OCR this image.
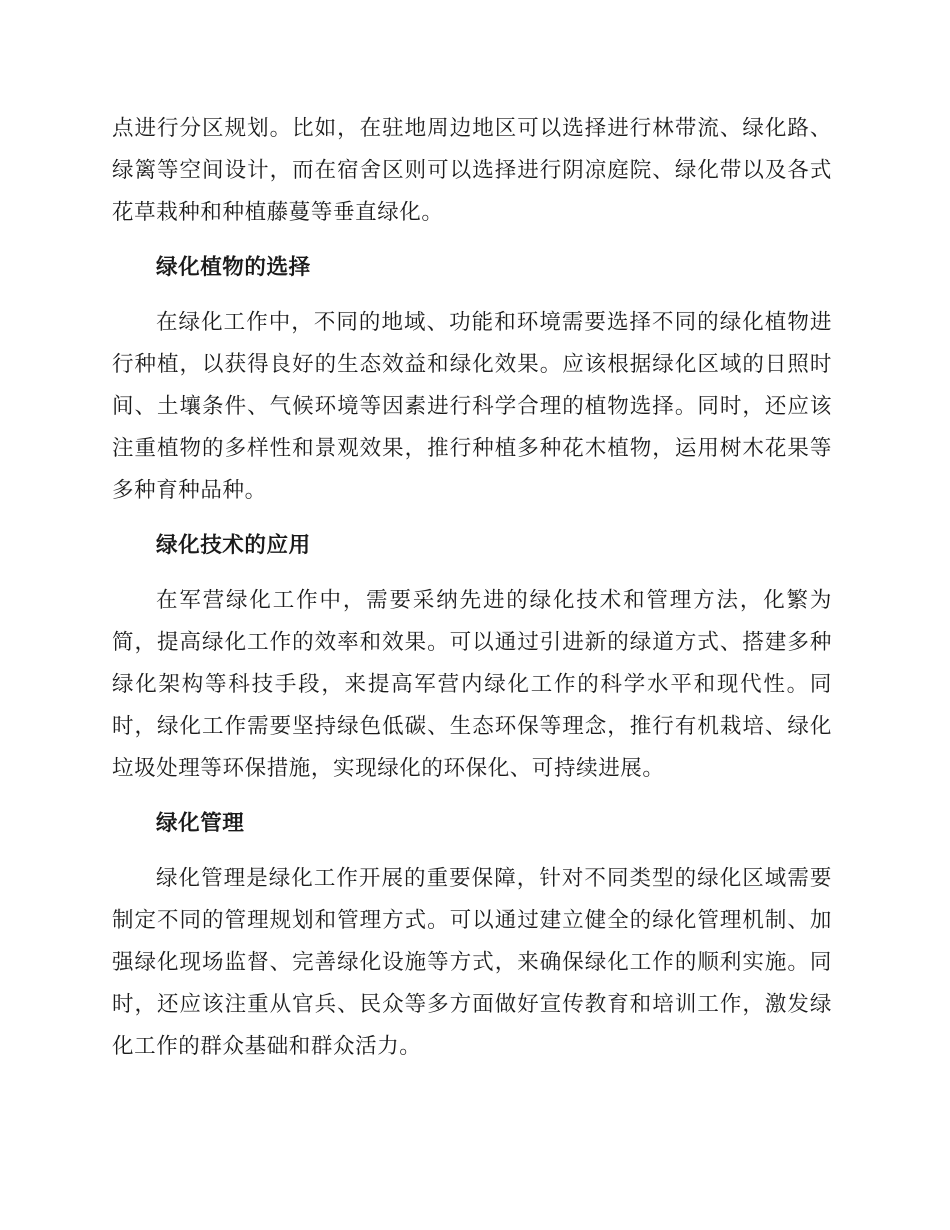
点进行分区规划。比如，在驻地周边地区可以选择进行林带流、绿化路、绿篱等空间设计，而在宿舍区则可以选择进行阴凉庭院、绿化带以及各式花草栽种和种植藤蔓等垂直绿化。

绿化植物的选择

在绿化工作中，不同的地域、功能和环境需要选择不同的绿化植物进行种植，以获得良好的生态效益和绿化效果。应该根据绿化区域的日照时间、土壤条件、气候环境等因素进行科学合理的植物选择。同时，还应该注重植物的多样性和景观效果，推行种植多种花木植物，运用树木花果等多种育种品种。

绿化技术的应用

在军营绿化工作中，需要采纳先进的绿化技术和管理方法，化繁为简，提高绿化工作的效率和效果。可以通过引进新的绿道方式、搭建多种绿化架构等科技手段，来提高军营内绿化工作的科学水平和现代性。同时，绿化工作需要坚持绿色低碳、生态环保等理念，推行有机栽培、绿化垃圾处理等环保措施，实现绿化的环保化、可持续进展。

绿化管理

绿化管理是绿化工作开展的重要保障，针对不同类型的绿化区域需要制定不同的管理规划和管理方式。可以通过建立健全的绿化管理机制、加强绿化现场监督、完善绿化设施等方式，来确保绿化工作的顺利实施。同时，还应该注重从官兵、民众等多方面做好宣传教育和培训工作，激发绿化工作的群众基础和群众活力。
